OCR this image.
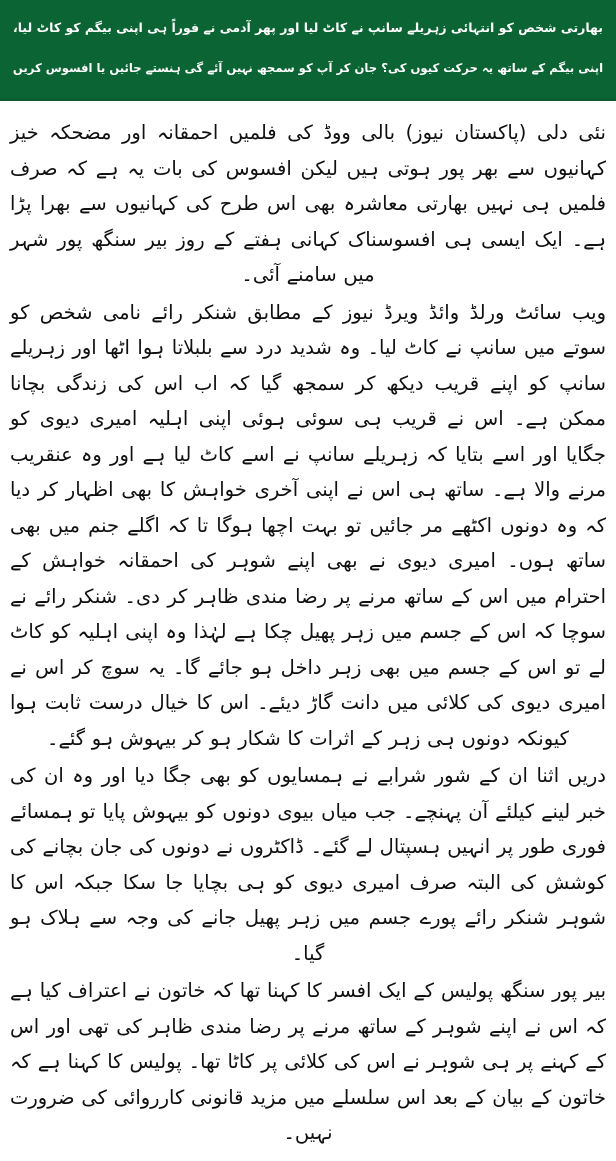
بھارتی شخص کو انتہائی زہریلے سانپ نے کاٹ لیا اور پھر آدمی نے فوراً ہی اپنی بیگم کو کاٹ لیا،
اپنی بیگم کے ساتھ یہ حرکت کیوں کی؟ جان کر آپ کو سمجھ نہیں آئے گی ہنستے جائیں یا افسوس کریں

نئی دلی (پاکستان نیوز) بالی ووڈ کی فلمیں احمقانہ اور مضحکہ خیز کہانیوں سے بھر پور ہوتی ہیں لیکن افسوس کی بات یہ ہے کہ صرف فلمیں ہی نہیں بھارتی معاشرہ بھی اس طرح کی کہانیوں سے بھرا پڑا ہے۔ ایک ایسی ہی افسوسناک کہانی ہفتے کے روز بیر سنگھ پور شہر میں سامنے آئی۔

ویب سائٹ ورلڈ وائڈ ویرڈ نیوز کے مطابق شنکر رائے نامی شخص کو سوتے میں سانپ نے کاٹ لیا۔ وہ شدید درد سے بلبلاتا ہوا اٹھا اور زہریلے سانپ کو اپنے قریب دیکھ کر سمجھ گیا کہ اب اس کی زندگی بچانا ممکن ہے۔ اس نے قریب ہی سوئی ہوئی اپنی اہلیہ امیری دیوی کو جگایا اور اسے بتایا کہ زہریلے سانپ نے اسے کاٹ لیا ہے اور وہ عنقریب مرنے والا ہے۔ ساتھ ہی اس نے اپنی آخری خواہش کا بھی اظہار کر دیا کہ وہ دونوں اکٹھے مر جائیں تو بہت اچھا ہوگا تا کہ اگلے جنم میں بھی ساتھ ہوں۔ امیری دیوی نے بھی اپنے شوہر کی احمقانہ خواہش کے احترام میں اس کے ساتھ مرنے پر رضا مندی ظاہر کر دی۔ شنکر رائے نے سوچا کہ اس کے جسم میں زہر پھیل چکا ہے لہٰذا وہ اپنی اہلیہ کو کاٹ لے تو اس کے جسم میں بھی زہر داخل ہو جائے گا۔ یہ سوچ کر اس نے امیری دیوی کی کلائی میں دانت گاڑ دیئے۔ اس کا خیال درست ثابت ہوا کیونکہ دونوں ہی زہر کے اثرات کا شکار ہو کر بیہوش ہو گئے۔

دریں اثنا ان کے شور شرابے نے ہمسایوں کو بھی جگا دیا اور وہ ان کی خبر لینے کیلئے آن پہنچے۔ جب میاں بیوی دونوں کو بیہوش پایا تو ہمسائے فوری طور پر انہیں ہسپتال لے گئے۔ ڈاکٹروں نے دونوں کی جان بچانے کی کوشش کی البتہ صرف امیری دیوی کو ہی بچایا جا سکا جبکہ اس کا شوہر شنکر رائے پورے جسم میں زہر پھیل جانے کی وجہ سے ہلاک ہو گیا۔

بیر پور سنگھ پولیس کے ایک افسر کا کہنا تھا کہ خاتون نے اعتراف کیا ہے کہ اس نے اپنے شوہر کے ساتھ مرنے پر رضا مندی ظاہر کی تھی اور اس کے کہنے پر ہی شوہر نے اس کی کلائی پر کاٹا تھا۔ پولیس کا کہنا ہے کہ خاتون کے بیان کے بعد اس سلسلے میں مزید قانونی کارروائی کی ضرورت نہیں۔
